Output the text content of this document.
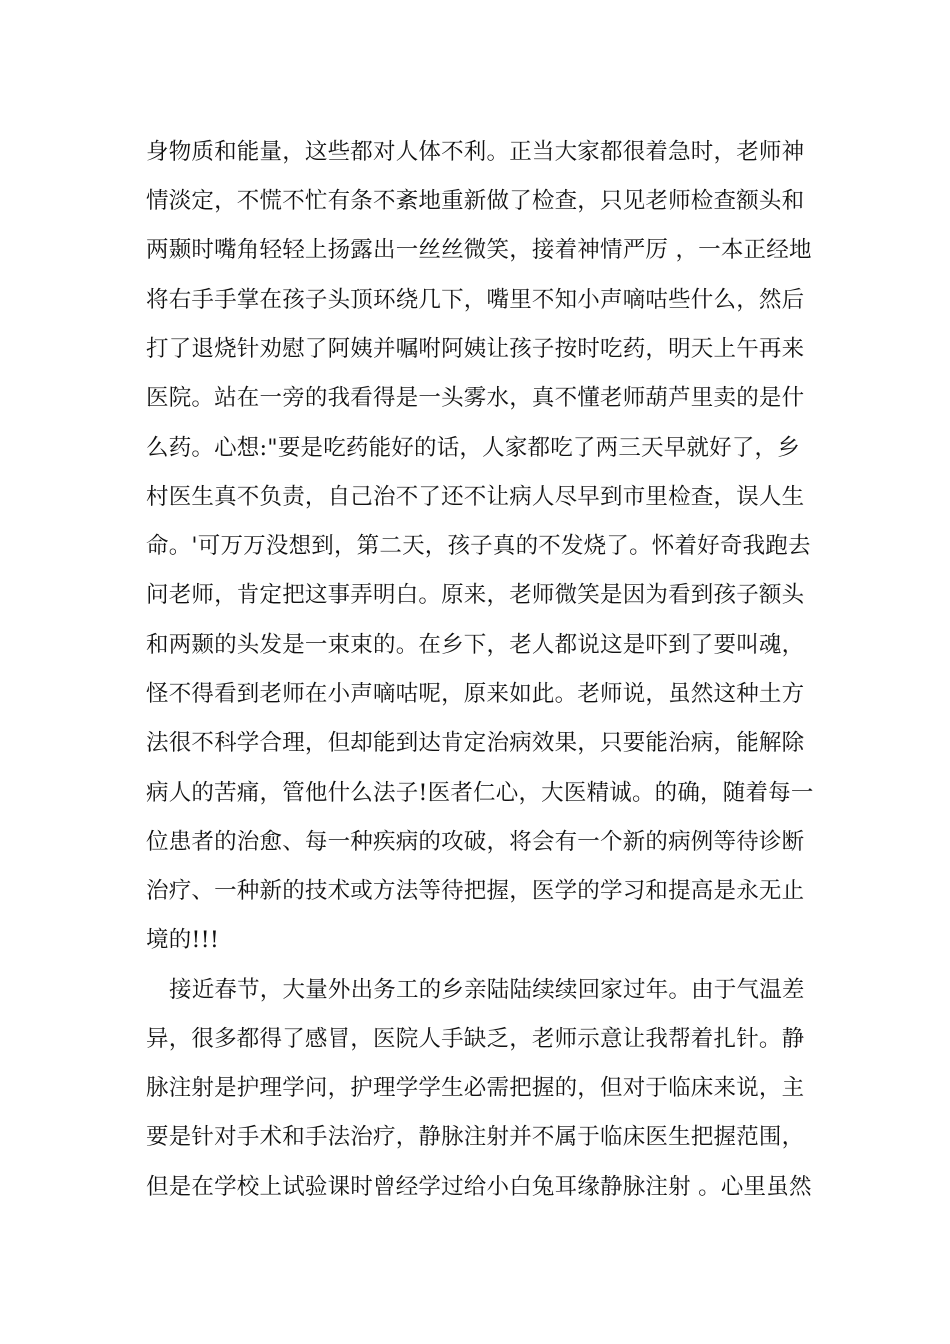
身物质和能量，这些都对人体不利。正当大家都很着急时，老师神
情淡定，不慌不忙有条不紊地重新做了检查，只见老师检查额头和
两颞时嘴角轻轻上扬露出一丝丝微笑，接着神情严厉 ，一本正经地
将右手手掌在孩子头顶环绕几下，嘴里不知小声嘀咕些什么，然后
打了退烧针劝慰了阿姨并嘱咐阿姨让孩子按时吃药，明天上午再来
医院。站在一旁的我看得是一头雾水，真不懂老师葫芦里卖的是什
么药。心想:"要是吃药能好的话，人家都吃了两三天早就好了，乡
村医生真不负责，自己治不了还不让病人尽早到市里检查，误人生
命。'可万万没想到，第二天，孩子真的不发烧了。怀着好奇我跑去
问老师，肯定把这事弄明白。原来，老师微笑是因为看到孩子额头
和两颞的头发是一束束的。在乡下，老人都说这是吓到了要叫魂，
怪不得看到老师在小声嘀咕呢，原来如此。老师说，虽然这种土方
法很不科学合理，但却能到达肯定治病效果，只要能治病，能解除
病人的苦痛，管他什么法子!医者仁心，大医精诚。的确，随着每一
位患者的治愈、每一种疾病的攻破，将会有一个新的病例等待诊断
治疗、一种新的技术或方法等待把握，医学的学习和提高是永无止
境的!!!
接近春节，大量外出务工的乡亲陆陆续续回家过年。由于气温差
异，很多都得了感冒，医院人手缺乏，老师示意让我帮着扎针。静
脉注射是护理学问，护理学学生必需把握的，但对于临床来说，主
要是针对手术和手法治疗，静脉注射并不属于临床医生把握范围，
但是在学校上试验课时曾经学过给小白兔耳缘静脉注射 。心里虽然
